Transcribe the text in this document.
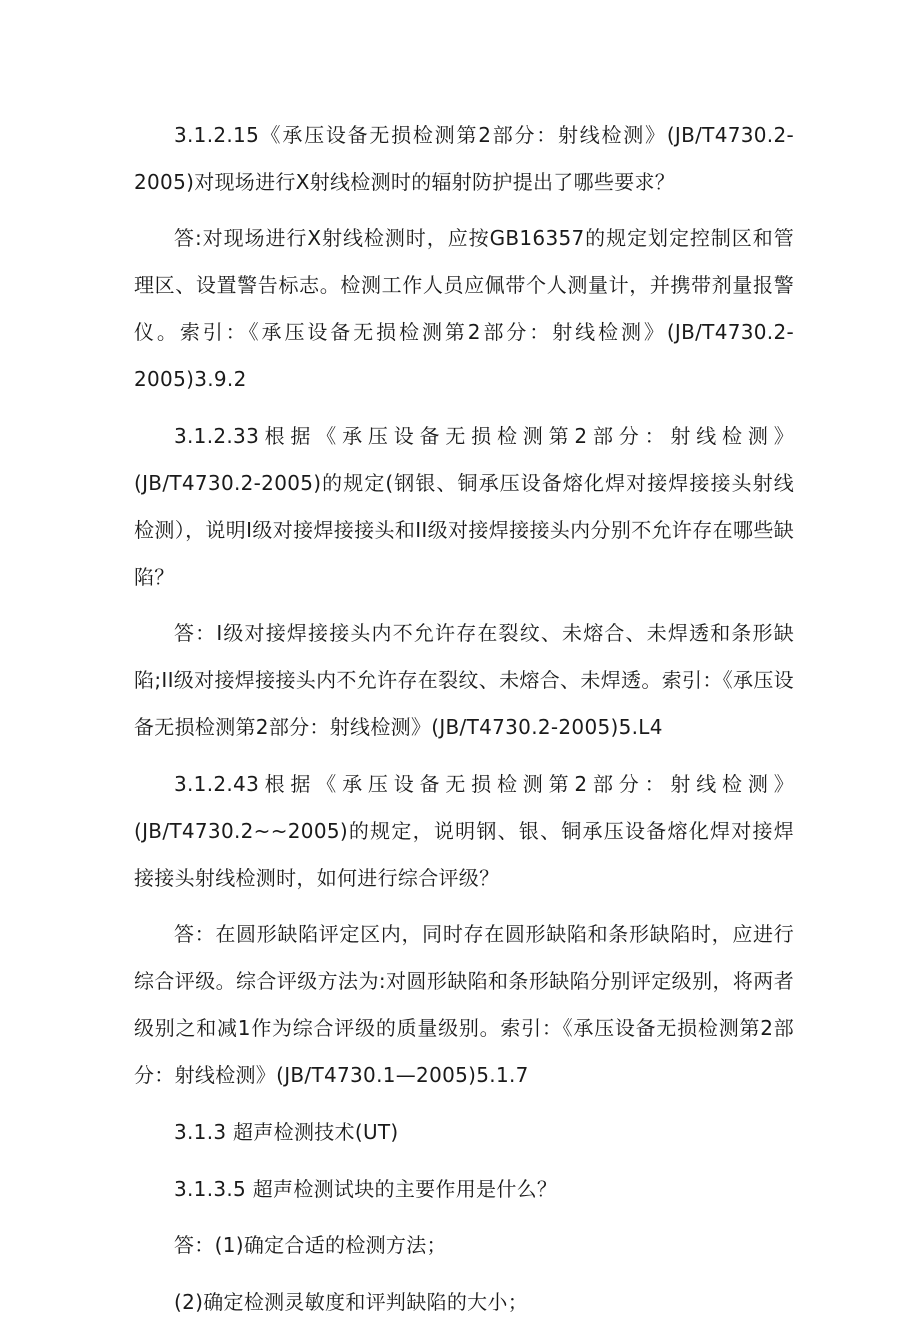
3.1.2.15《承压设备无损检测第2部分：射线检测》(JB/T4730.2-2005)对现场进行X射线检测时的辐射防护提出了哪些要求？

答:对现场进行X射线检测时，应按GB16357的规定划定控制区和管理区、设置警告标志。检测工作人员应佩带个人测量计，并携带剂量报警仪。索引：《承压设备无损检测第2部分：射线检测》(JB/T4730.2-2005)3.9.2

3.1.2.33根据《承压设备无损检测第2部分：射线检测》(JB/T4730.2-2005)的规定(钢银、铜承压设备熔化焊对接焊接接头射线检测），说明I级对接焊接接头和II级对接焊接接头内分别不允许存在哪些缺陷？

答：I级对接焊接接头内不允许存在裂纹、未熔合、未焊透和条形缺陷;II级对接焊接接头内不允许存在裂纹、未熔合、未焊透。索引：《承压设备无损检测第2部分：射线检测》(JB/T4730.2-2005)5.L4

3.1.2.43根据《承压设备无损检测第2部分：射线检测》(JB/T4730.2~~2005)的规定，说明钢、银、铜承压设备熔化焊对接焊接接头射线检测时，如何进行综合评级？

答：在圆形缺陷评定区内，同时存在圆形缺陷和条形缺陷时，应进行综合评级。综合评级方法为:对圆形缺陷和条形缺陷分别评定级别，将两者级别之和减1作为综合评级的质量级别。索引：《承压设备无损检测第2部分：射线检测》(JB/T4730.1—2005)5.1.7

3.1.3 超声检测技术(UT)

3.1.3.5 超声检测试块的主要作用是什么？

答：(1)确定合适的检测方法；

(2)确定检测灵敏度和评判缺陷的大小；
